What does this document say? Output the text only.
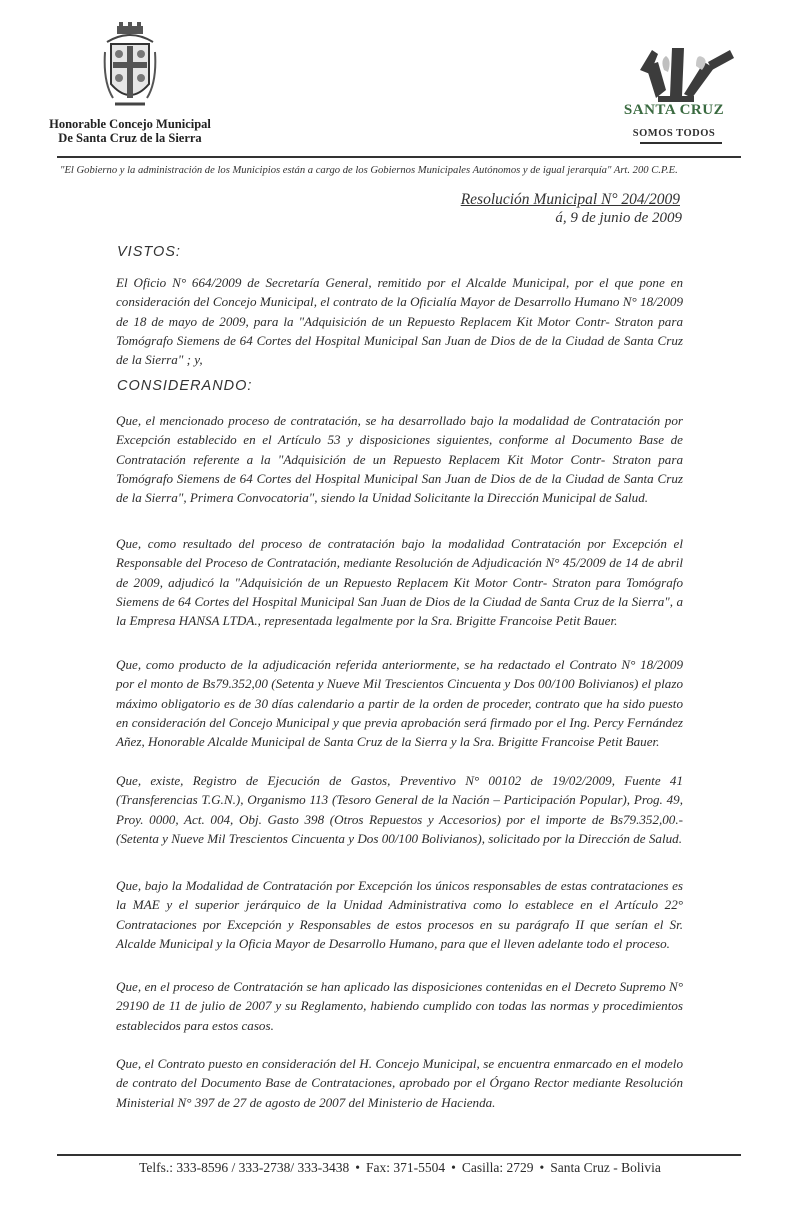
Honorable Concejo Municipal
De Santa Cruz de la Sierra
SANTA CRUZ
SOMOS TODOS
"El Gobierno y la administración de los Municipios están a cargo de los Gobiernos Municipales Autónomos y de igual jerarquía" Art. 200 C.P.E.
Resolución Municipal N° 204/2009
á, 9 de junio de 2009
VISTOS:
El Oficio N° 664/2009 de Secretaría General, remitido por el Alcalde Municipal, por el que pone en consideración del Concejo Municipal, el contrato de la Oficialía Mayor de Desarrollo Humano N° 18/2009 de 18 de mayo de 2009, para la "Adquisición de un Repuesto Replacem Kit Motor Contr- Straton para Tomógrafo Siemens de 64 Cortes del Hospital Municipal San Juan de Dios de de la Ciudad de Santa Cruz de la Sierra" ; y,
CONSIDERANDO:
Que, el mencionado proceso de contratación, se ha desarrollado bajo la modalidad de Contratación por Excepción establecido en el Artículo 53 y disposiciones siguientes, conforme al Documento Base de Contratación referente a la "Adquisición de un Repuesto Replacem Kit Motor Contr- Straton para Tomógrafo Siemens de 64 Cortes del Hospital Municipal San Juan de Dios de de la Ciudad de Santa Cruz de la Sierra", Primera Convocatoria", siendo la Unidad Solicitante la Dirección Municipal de Salud.
Que, como resultado del proceso de contratación bajo la modalidad Contratación por Excepción el Responsable del Proceso de Contratación, mediante Resolución de Adjudicación N° 45/2009 de 14 de abril de 2009, adjudicó la "Adquisición de un Repuesto Replacem Kit Motor Contr- Straton para Tomógrafo Siemens de 64 Cortes del Hospital Municipal San Juan de Dios de la Ciudad de Santa Cruz de la Sierra", a la Empresa HANSA LTDA., representada legalmente por la Sra. Brigitte Francoise Petit Bauer.
Que, como producto de la adjudicación referida anteriormente, se ha redactado el Contrato N° 18/2009 por el monto de Bs79.352,00 (Setenta y Nueve Mil Trescientos Cincuenta y Dos 00/100 Bolivianos) el plazo máximo obligatorio es de 30 días calendario a partir de la orden de proceder, contrato que ha sido puesto en consideración del Concejo Municipal y que previa aprobación será firmado por el Ing. Percy Fernández Añez, Honorable Alcalde Municipal de Santa Cruz de la Sierra y la Sra. Brigitte Francoise Petit Bauer.
Que, existe, Registro de Ejecución de Gastos, Preventivo N° 00102 de 19/02/2009, Fuente 41 (Transferencias T.G.N.), Organismo 113 (Tesoro General de la Nación – Participación Popular), Prog. 49, Proy. 0000, Act. 004, Obj. Gasto 398 (Otros Repuestos y Accesorios) por el importe de Bs79.352,00.- (Setenta y Nueve Mil Trescientos Cincuenta y Dos 00/100 Bolivianos), solicitado por la Dirección de Salud.
Que, bajo la Modalidad de Contratación por Excepción los únicos responsables de estas contrataciones es la MAE y el superior jerárquico de la Unidad Administrativa como lo establece en el Artículo 22° Contrataciones por Excepción y Responsables de estos procesos en su parágrafo II que serían el Sr. Alcalde Municipal y la Oficia Mayor de Desarrollo Humano, para que el lleven adelante todo el proceso.
Que, en el proceso de Contratación se han aplicado las disposiciones contenidas en el Decreto Supremo N° 29190 de 11 de julio de 2007 y su Reglamento, habiendo cumplido con todas las normas y procedimientos establecidos para estos casos.
Que, el Contrato puesto en consideración del H. Concejo Municipal, se encuentra enmarcado en el modelo de contrato del Documento Base de Contrataciones, aprobado por el Órgano Rector mediante Resolución Ministerial N° 397 de 27 de agosto de 2007 del Ministerio de Hacienda.
Telfs.: 333-8596 / 333-2738/ 333-3438 • Fax: 371-5504 • Casilla: 2729 • Santa Cruz - Bolivia
